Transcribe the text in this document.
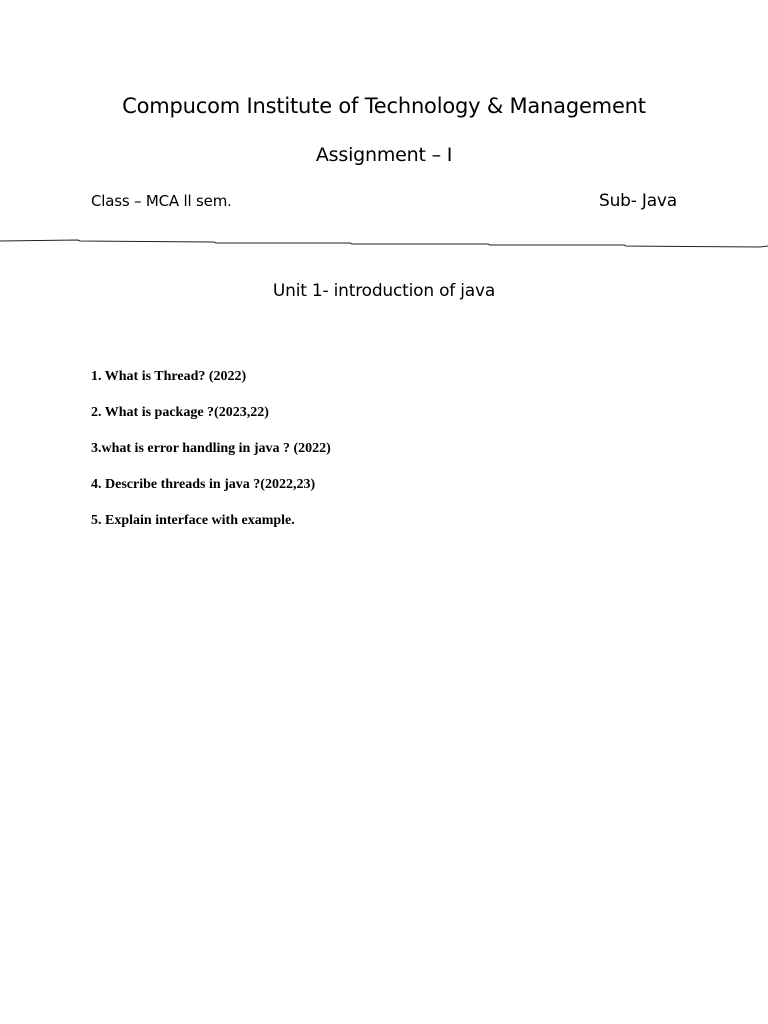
Compucom Institute of Technology & Management
Assignment – I
Class – MCA ll sem.	Sub- Java
Unit 1- introduction of java
1. What is Thread? (2022)
2. What is package ?(2023,22)
3.what is error handling in java ? (2022)
4. Describe threads in java ?(2022,23)
5. Explain interface with example.
